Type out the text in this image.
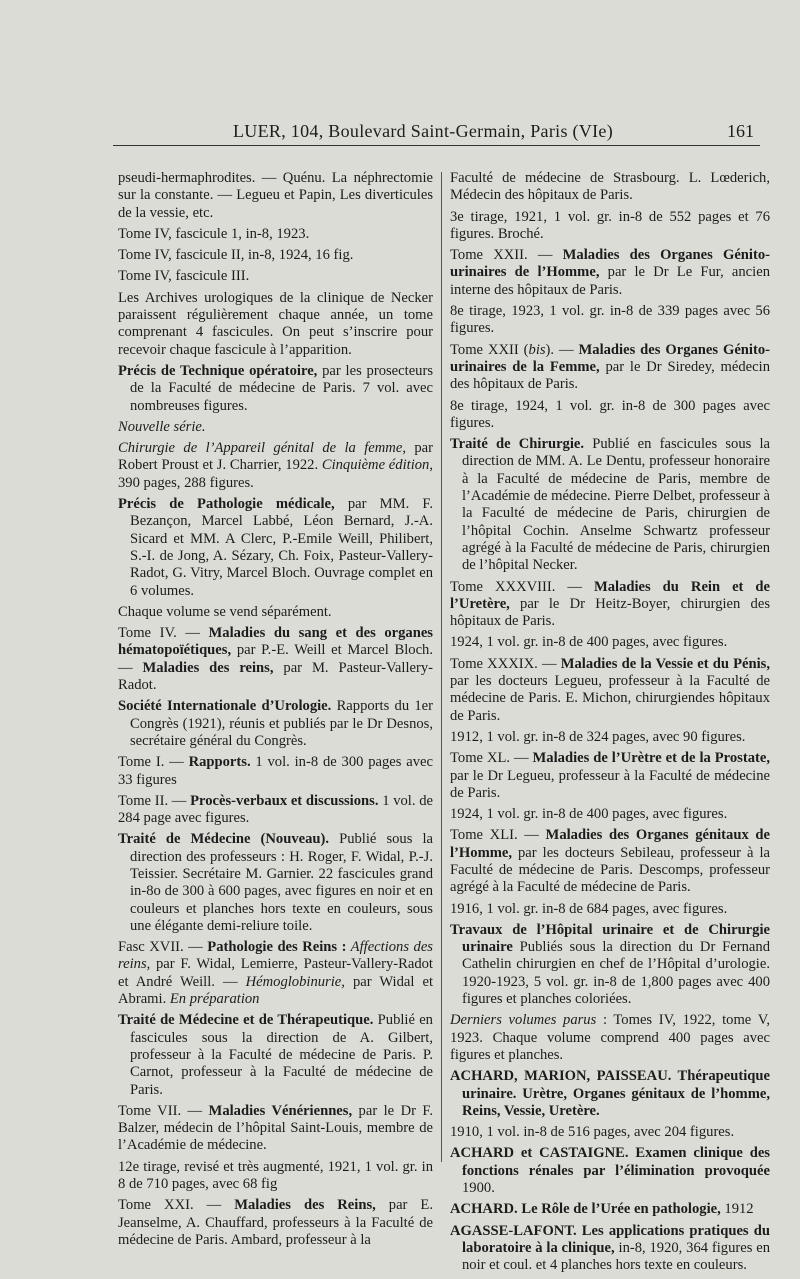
LUER, 104, Boulevard Saint-Germain, Paris (VIe)	161
pseudi-hermaphrodites. — Quénu. La néphrectomie sur la constante. — Legueu et Papin, Les diverticules de la vessie, etc.
Tome IV, fascicule 1, in-8, 1923.
Tome IV, fascicule II, in-8, 1924, 16 fig.
Tome IV, fascicule III.
Les Archives urologiques de la clinique de Necker paraissent régulièrement chaque année, un tome comprenant 4 fascicules. On peut s’inscrire pour recevoir chaque fascicule à l’apparition.
Précis de Technique opératoire, par les prosecteurs de la Faculté de médecine de Paris. 7 vol. avec nombreuses figures.
Nouvelle série.
Chirurgie de l’Appareil génital de la femme, par Robert Proust et J. Charrier, 1922. Cinquième édition, 390 pages, 288 figures.
Précis de Pathologie médicale, par MM. F. Bezançon, Marcel Labbé, Léon Bernard, J.-A. Sicard et MM. A Clerc, P.-Emile Weill, Philibert, S.-I. de Jong, A. Sézary, Ch. Foix, Pasteur-Vallery-Radot, G. Vitry, Marcel Bloch. Ouvrage complet en 6 volumes.
Chaque volume se vend séparément.
Tome IV. — Maladies du sang et des organes hématopoïétiques, par P.-E. Weill et Marcel Bloch. — Maladies des reins, par M. Pasteur-Vallery-Radot.
Société Internationale d’Urologie. Rapports du 1er Congrès (1921), réunis et publiés par le Dr Desnos, secrétaire général du Congrès.
Tome I. — Rapports. 1 vol. in-8 de 300 pages avec 33 figures
Tome II. — Procès-verbaux et discussions. 1 vol. de 284 page avec figures.
Traité de Médecine (Nouveau). Publié sous la direction des professeurs : H. Roger, F. Widal, P.-J. Teissier. Secrétaire M. Garnier. 22 fascicules grand in-8o de 300 à 600 pages, avec figures en noir et en couleurs et planches hors texte en couleurs, sous une élégante demi-reliure toile.
Fasc XVII. — Pathologie des Reins : Affections des reins, par F. Widal, Lemierre, Pasteur-Vallery-Radot et André Weill. — Hémoglobinurie, par Widal et Abrami. En préparation
Traité de Médecine et de Thérapeutique. Publié en fascicules sous la direction de A. Gilbert, professeur à la Faculté de médecine de Paris. P. Carnot, professeur à la Faculté de médecine de Paris.
Tome VII. — Maladies Vénériennes, par le Dr F. Balzer, médecin de l’hôpital Saint-Louis, membre de l’Académie de médecine.
12e tirage, revisé et très augmenté, 1921, 1 vol. gr. in 8 de 710 pages, avec 68 fig
Tome XXI. — Maladies des Reins, par E. Jeanselme, A. Chauffard, professeurs à la Faculté de médecine de Paris. Ambard, professeur à la
Faculté de médecine de Strasbourg. L. Lœderich, Médecin des hôpitaux de Paris.
3e tirage, 1921, 1 vol. gr. in-8 de 552 pages et 76 figures. Broché.
Tome XXII. — Maladies des Organes Génito-urinaires de l’Homme, par le Dr Le Fur, ancien interne des hôpitaux de Paris.
8e tirage, 1923, 1 vol. gr. in-8 de 339 pages avec 56 figures.
Tome XXII (bis). — Maladies des Organes Génito-urinaires de la Femme, par le Dr Siredey, médecin des hôpitaux de Paris.
8e tirage, 1924, 1 vol. gr. in-8 de 300 pages avec figures.
Traité de Chirurgie. Publié en fascicules sous la direction de MM. A. Le Dentu, professeur honoraire à la Faculté de médecine de Paris, membre de l’Académie de médecine. Pierre Delbet, professeur à la Faculté de médecine de Paris, chirurgien de l’hôpital Cochin. Anselme Schwartz professeur agrégé à la Faculté de médecine de Paris, chirurgien de l’hôpital Necker.
Tome XXXVIII. — Maladies du Rein et de l’Uretère, par le Dr Heitz-Boyer, chirurgien des hôpitaux de Paris.
1924, 1 vol. gr. in-8 de 400 pages, avec figures.
Tome XXXIX. — Maladies de la Vessie et du Pénis, par les docteurs Legueu, professeur à la Faculté de médecine de Paris. E. Michon, chirurgiendes hôpitaux de Paris.
1912, 1 vol. gr. in-8 de 324 pages, avec 90 figures.
Tome XL. — Maladies de l’Urètre et de la Prostate, par le Dr Legueu, professeur à la Faculté de médecine de Paris.
1924, 1 vol. gr. in-8 de 400 pages, avec figures.
Tome XLI. — Maladies des Organes génitaux de l’Homme, par les docteurs Sebileau, professeur à la Faculté de médecine de Paris. Descomps, professeur agrégé à la Faculté de médecine de Paris.
1916, 1 vol. gr. in-8 de 684 pages, avec figures.
Travaux de l’Hôpital urinaire et de Chirurgie urinaire Publiés sous la direction du Dr Fernand Cathelin chirurgien en chef de l’Hôpital d’urologie. 1920-1923, 5 vol. gr. in-8 de 1,800 pages avec 400 figures et planches coloriées.
Derniers volumes parus : Tomes IV, 1922, tome V, 1923. Chaque volume comprend 400 pages avec figures et planches.
ACHARD, MARION, PAISSEAU. Thérapeutique urinaire. Urètre, Organes génitaux de l’homme, Reins, Vessie, Uretère.
1910, 1 vol. in-8 de 516 pages, avec 204 figures.
ACHARD et CASTAIGNE. Examen clinique des fonctions rénales par l’élimination provoquée 1900.
ACHARD. Le Rôle de l’Urée en pathologie, 1912
AGASSE-LAFONT. Les applications pratiques du laboratoire à la clinique, in-8, 1920, 364 figures en noir et coul. et 4 planches hors texte en couleurs.
